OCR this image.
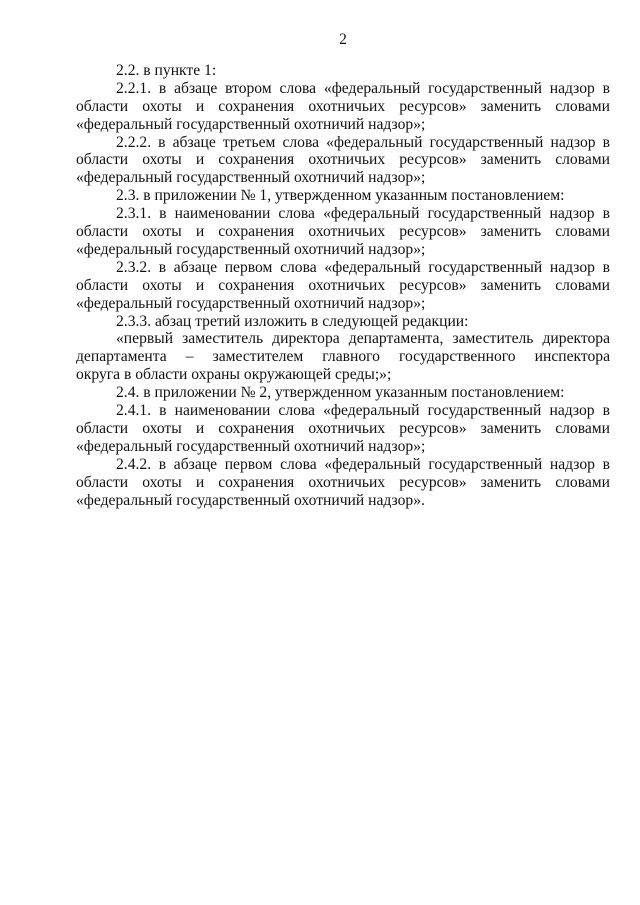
2
2.2. в пункте 1:
2.2.1. в абзаце втором слова «федеральный государственный надзор в
области охоты и сохранения охотничьих ресурсов» заменить словами
«федеральный государственный охотничий надзор»;
2.2.2. в абзаце третьем слова «федеральный государственный надзор в
области охоты и сохранения охотничьих ресурсов» заменить словами
«федеральный государственный охотничий надзор»;
2.3. в приложении № 1, утвержденном указанным постановлением:
2.3.1. в наименовании слова «федеральный государственный надзор в
области охоты и сохранения охотничьих ресурсов» заменить словами
«федеральный государственный охотничий надзор»;
2.3.2. в абзаце первом слова «федеральный государственный надзор в
области охоты и сохранения охотничьих ресурсов» заменить словами
«федеральный государственный охотничий надзор»;
2.3.3. абзац третий изложить в следующей редакции:
«первый заместитель директора департамента, заместитель директора
департамента – заместителем главного государственного инспектора
округа в области охраны окружающей среды;»;
2.4. в приложении № 2, утвержденном указанным постановлением:
2.4.1. в наименовании слова «федеральный государственный надзор в
области охоты и сохранения охотничьих ресурсов» заменить словами
«федеральный государственный охотничий надзор»;
2.4.2. в абзаце первом слова «федеральный государственный надзор в
области охоты и сохранения охотничьих ресурсов» заменить словами
«федеральный государственный охотничий надзор».
